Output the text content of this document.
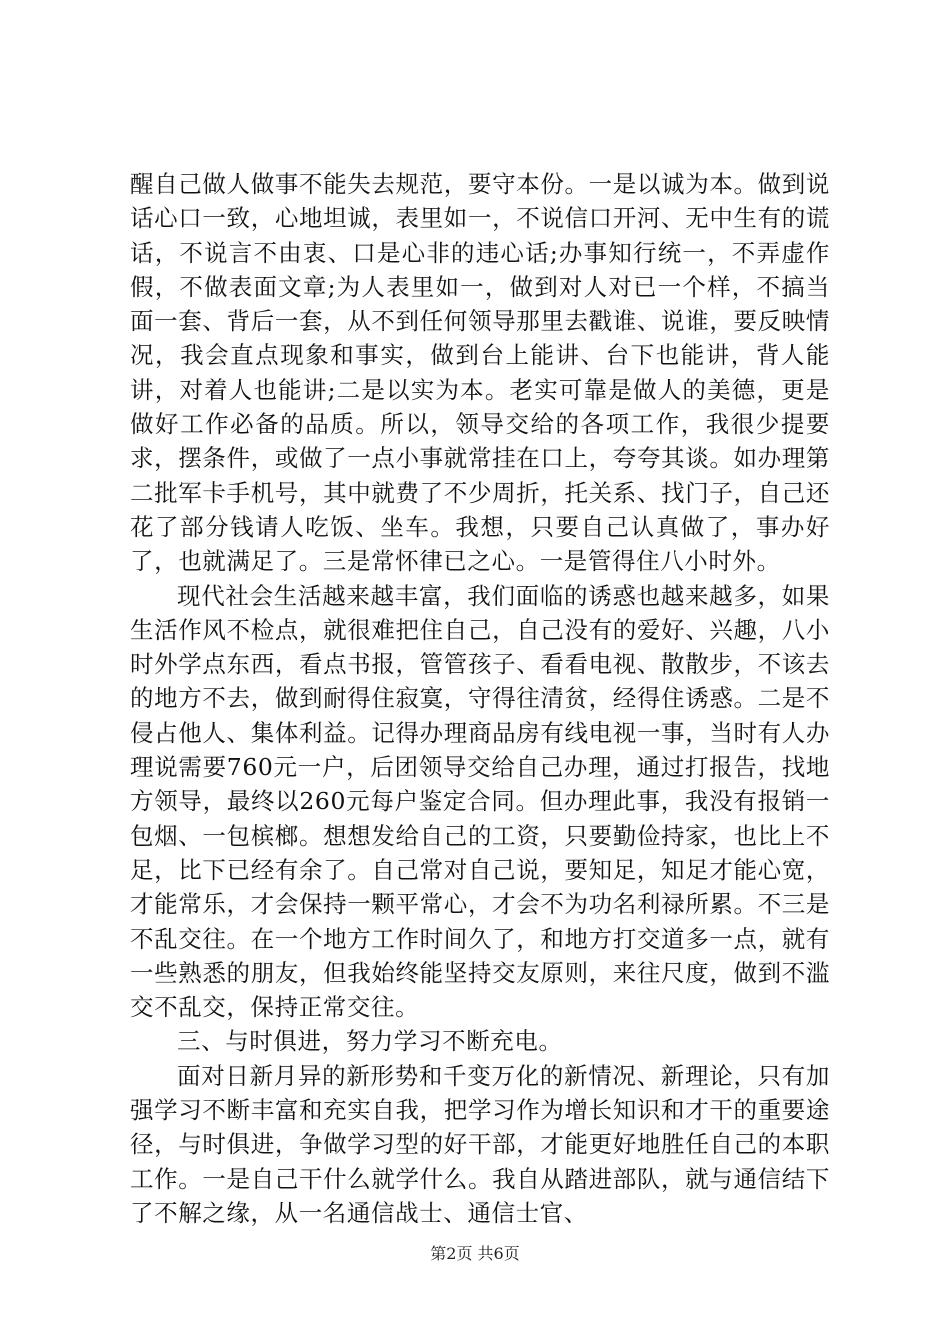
醒自己做人做事不能失去规范，要守本份。一是以诚为本。做到说话心口一致，心地坦诚，表里如一，不说信口开河、无中生有的谎话，不说言不由衷、口是心非的违心话;办事知行统一，不弄虚作假，不做表面文章;为人表里如一，做到对人对已一个样，不搞当面一套、背后一套，从不到任何领导那里去戳谁、说谁，要反映情况，我会直点现象和事实，做到台上能讲、台下也能讲，背人能讲，对着人也能讲;二是以实为本。老实可靠是做人的美德，更是做好工作必备的品质。所以，领导交给的各项工作，我很少提要求，摆条件，或做了一点小事就常挂在口上，夸夸其谈。如办理第二批军卡手机号，其中就费了不少周折，托关系、找门子，自己还花了部分钱请人吃饭、坐车。我想，只要自己认真做了，事办好了，也就满足了。三是常怀律已之心。一是管得住八小时外。

现代社会生活越来越丰富，我们面临的诱惑也越来越多，如果生活作风不检点，就很难把住自己，自己没有的爱好、兴趣，八小时外学点东西，看点书报，管管孩子、看看电视、散散步，不该去的地方不去，做到耐得住寂寞，守得往清贫，经得住诱惑。二是不侵占他人、集体利益。记得办理商品房有线电视一事，当时有人办理说需要760元一户，后团领导交给自己办理，通过打报告，找地方领导，最终以260元每户鉴定合同。但办理此事，我没有报销一包烟、一包槟榔。想想发给自己的工资，只要勤俭持家，也比上不足，比下已经有余了。自己常对自己说，要知足，知足才能心宽，才能常乐，才会保持一颗平常心，才会不为功名利禄所累。不三是不乱交往。在一个地方工作时间久了，和地方打交道多一点，就有一些熟悉的朋友，但我始终能坚持交友原则，来往尺度，做到不滥交不乱交，保持正常交往。

三、与时俱进，努力学习不断充电。

面对日新月异的新形势和千变万化的新情况、新理论，只有加强学习不断丰富和充实自我，把学习作为增长知识和才干的重要途径，与时俱进，争做学习型的好干部，才能更好地胜任自己的本职工作。一是自己干什么就学什么。我自从踏进部队，就与通信结下了不解之缘，从一名通信战士、通信士官、

第2页 共6页
